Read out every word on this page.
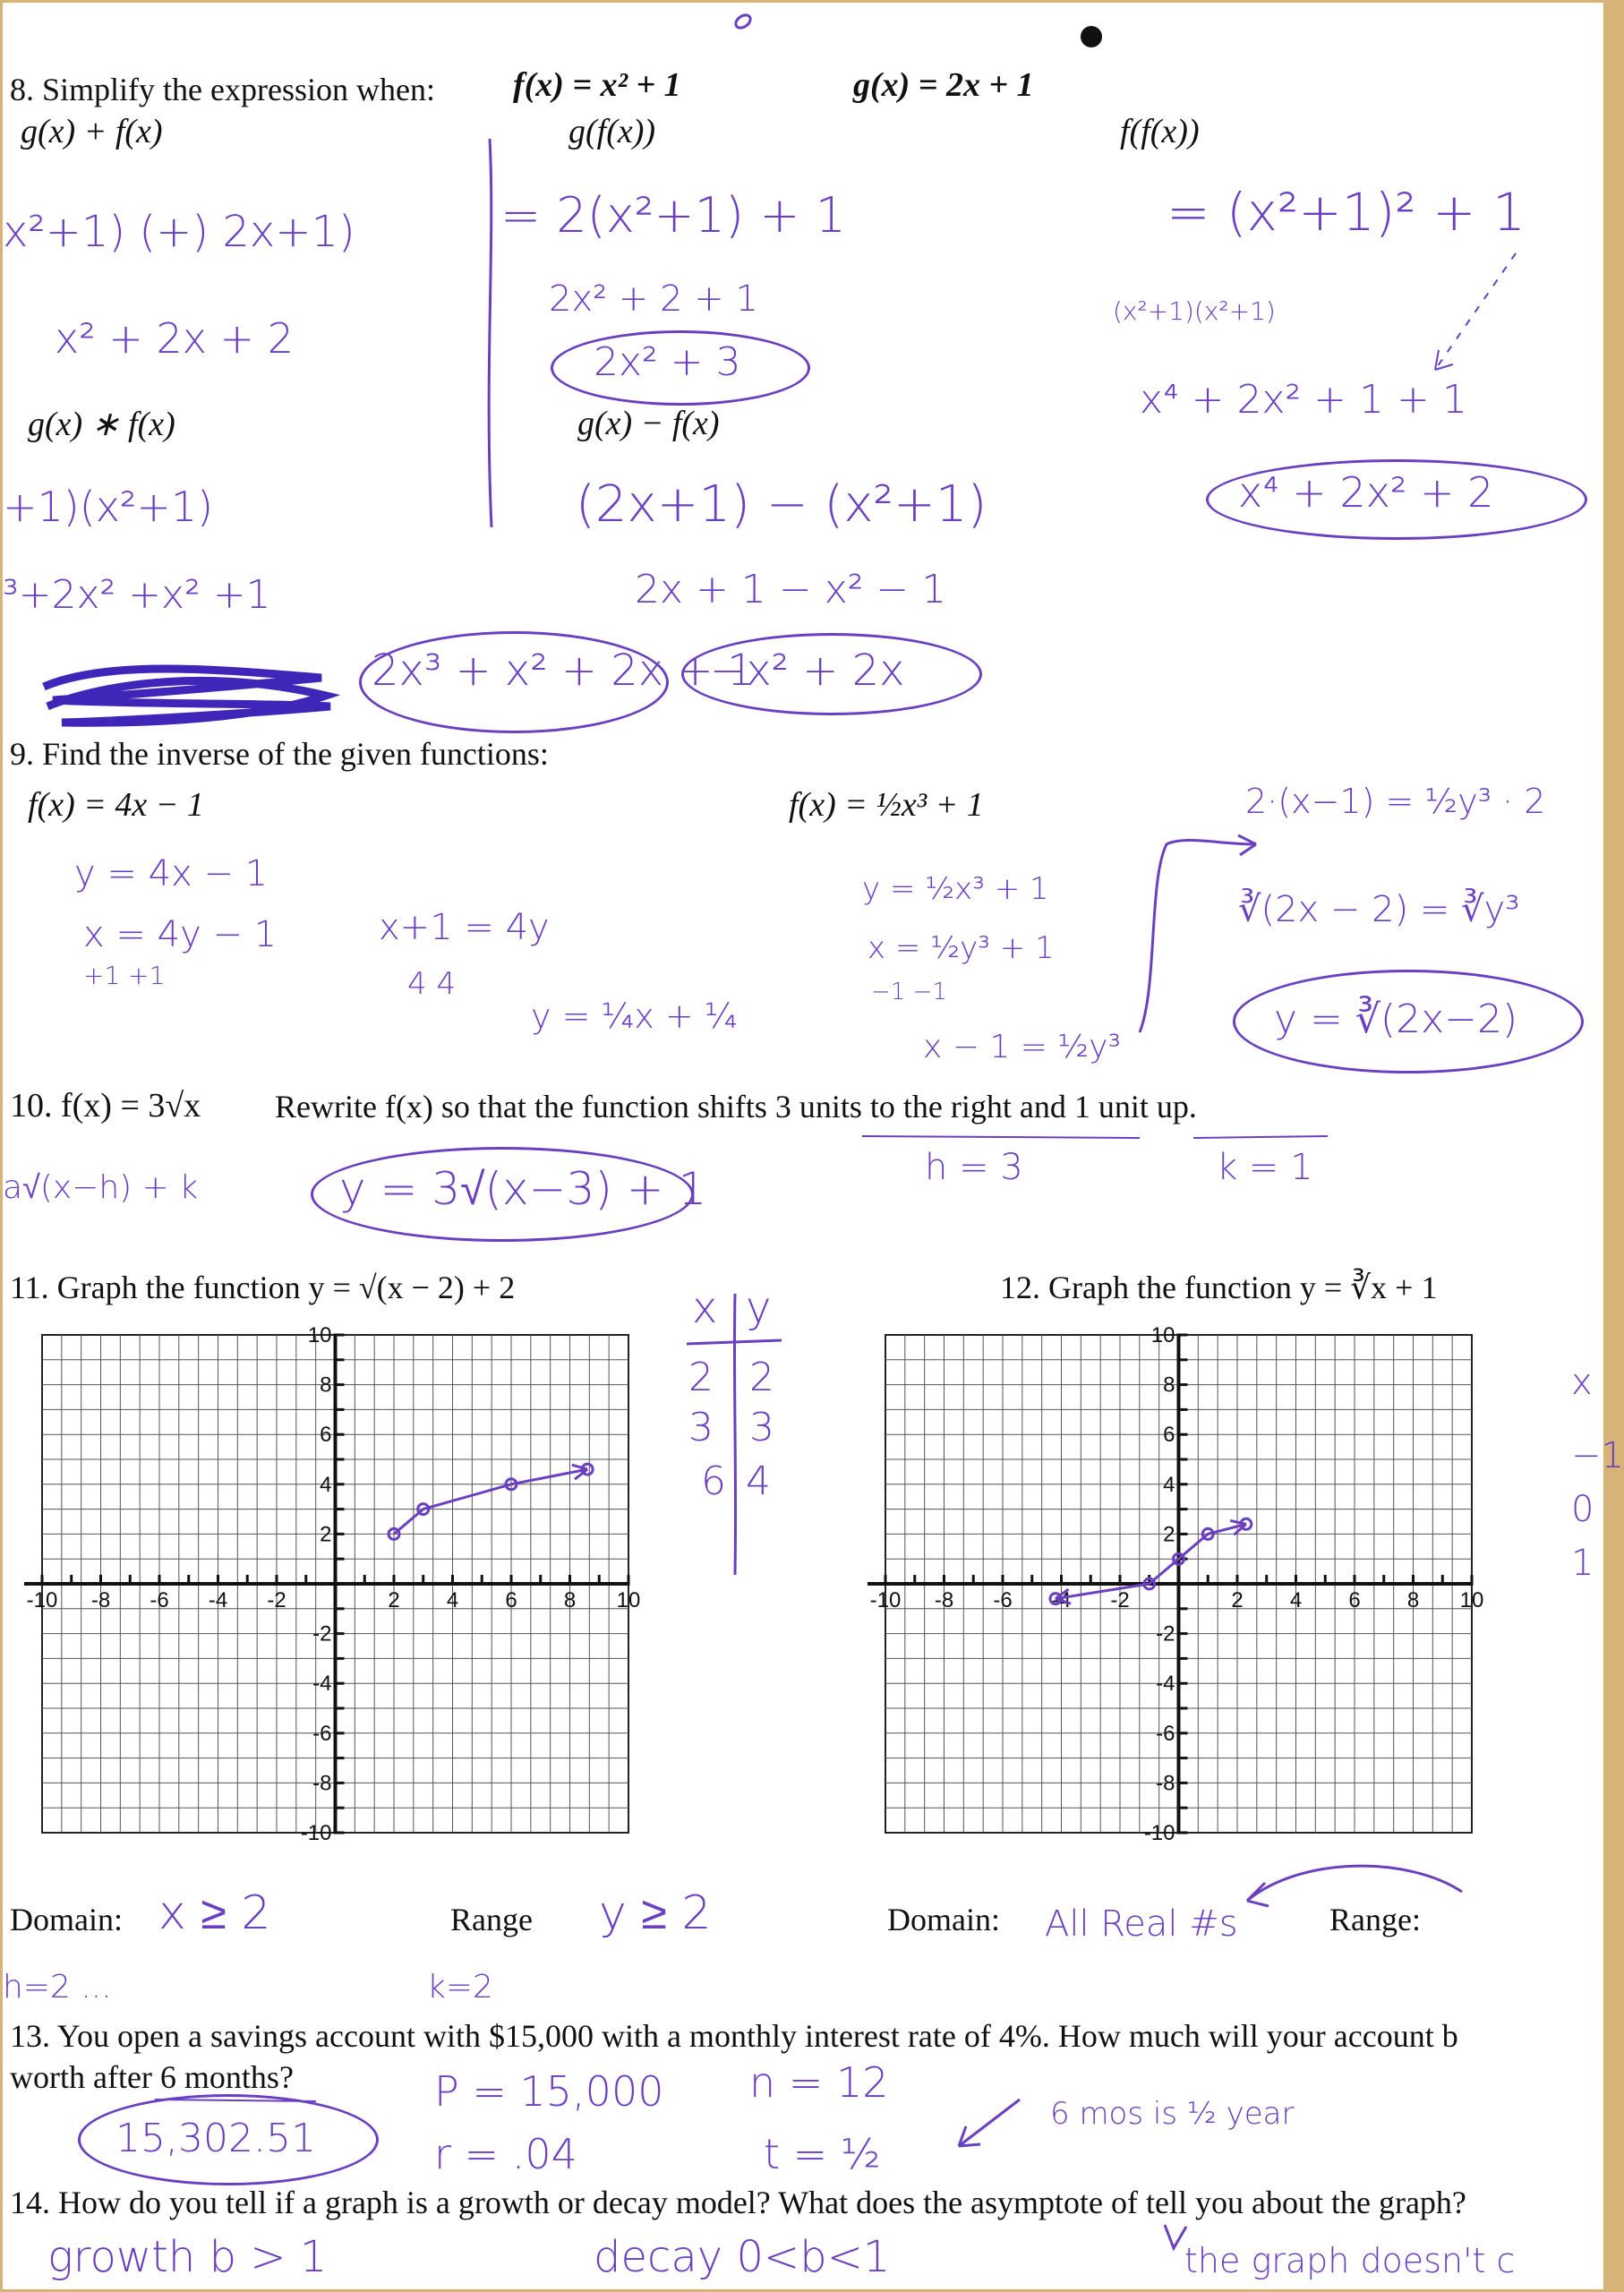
8. Simplify the expression when: f(x) = x² + 1	g(x) = 2x + 1
g(x) + f(x)	g(f(x))	f(f(x))
x²+1) (+) 2x+1)
x² + 2x + 2
= 2(x²+1) + 1
2x² + 2 + 1
2x² + 3
= (x²+1)² + 1
(x²+1)(x²+1)
x⁴ + 2x² + 1 + 1
x⁴ + 2x² + 2
g(x) ∗ f(x)	g(x) − f(x)
+1)(x²+1)
³+2x² +x² +1
2x³ + x² + 2x + 1
(2x+1) − (x²+1)
2x + 1 − x² − 1
−x² + 2x
9. Find the inverse of the given functions:
f(x) = 4x − 1	f(x) = ½x³ + 1
y = 4x − 1
x = 4y − 1
+1 +1
x+1 = 4y
4 4
y = ¼x + ¼
y = ½x³ + 1
x = ½y³ + 1
−1 −1
x − 1 = ½y³
2·(x−1) = ½y³ · 2
∛(2x − 2) = ∛y³
y = ∛(2x−2)
10. f(x) = 3√x Rewrite f(x) so that the function shifts 3 units to the right and 1 unit up.
a√(x−h) + k	y = 3√(x−3) + 1	h = 3	k = 1
11. Graph the function y = √(x − 2) + 2
-10 -8 -6 -4 -2	2 4 6 8 10
10
8
6
4
2
-2
-4
-6
-8
-10
x y
2 2
3 3
6 4
Domain: x ≥ 2	Range y ≥ 2
h=2 ...	k=2
12. Graph the function y = ∛x + 1
-10 -8 -6 -4 -2	2 4 6 8 10
10
8
6
4
2
-2
-4
-6
-8
-10
x
−1
0
1
Domain: All Real #s	Range:
13. You open a savings account with $15,000 with a monthly interest rate of 4%. How much will your account b
worth after 6 months?
15,302.51
P = 15,000
r = .04
n = 12
t = ½
6 mos is ½ year
14. How do you tell if a graph is a growth or decay model? What does the asymptote of tell you about the graph?
growth b > 1	decay 0<b<1	the graph doesn't c
